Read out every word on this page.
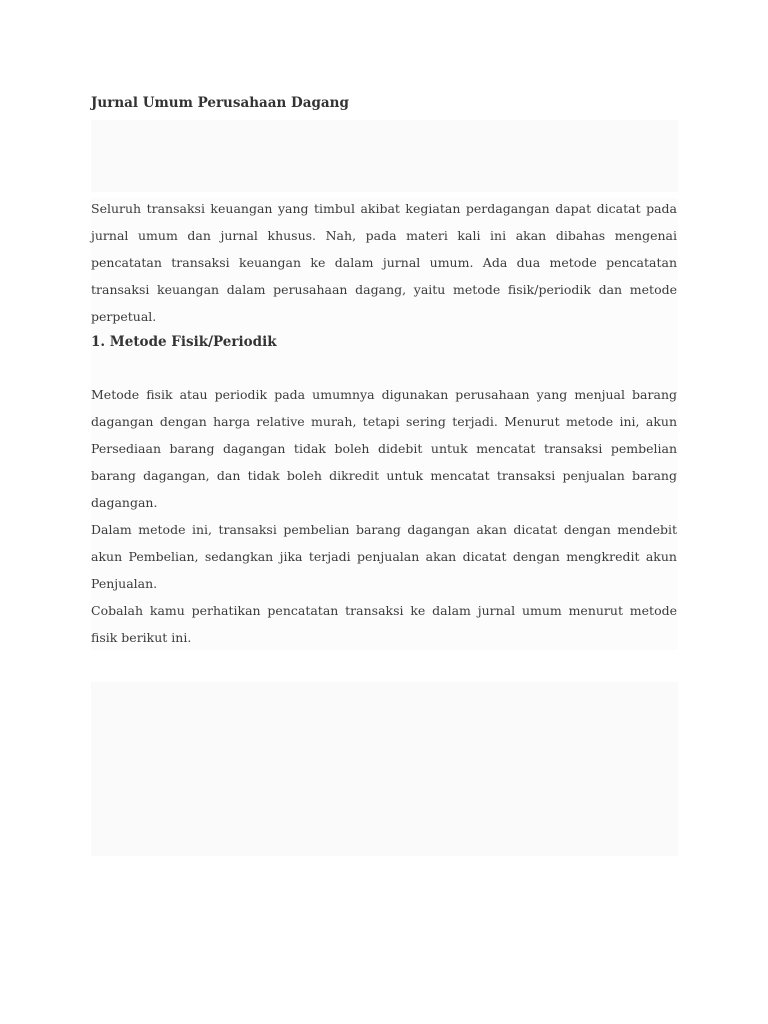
Jurnal Umum Perusahaan Dagang

Seluruh transaksi keuangan yang timbul akibat kegiatan perdagangan dapat dicatat pada jurnal umum dan jurnal khusus. Nah, pada materi kali ini akan dibahas mengenai pencatatan transaksi keuangan ke dalam jurnal umum. Ada dua metode pencatatan transaksi keuangan dalam perusahaan dagang, yaitu metode fisik/periodik dan metode perpetual.

1. Metode Fisik/Periodik

Metode fisik atau periodik pada umumnya digunakan perusahaan yang menjual barang dagangan dengan harga relative murah, tetapi sering terjadi. Menurut metode ini, akun Persediaan barang dagangan tidak boleh didebit untuk mencatat transaksi pembelian barang dagangan, dan tidak boleh dikredit untuk mencatat transaksi penjualan barang dagangan.

Dalam metode ini, transaksi pembelian barang dagangan akan dicatat dengan mendebit akun Pembelian, sedangkan jika terjadi penjualan akan dicatat dengan mengkredit akun Penjualan.

Cobalah kamu perhatikan pencatatan transaksi ke dalam jurnal umum menurut metode fisik berikut ini.
